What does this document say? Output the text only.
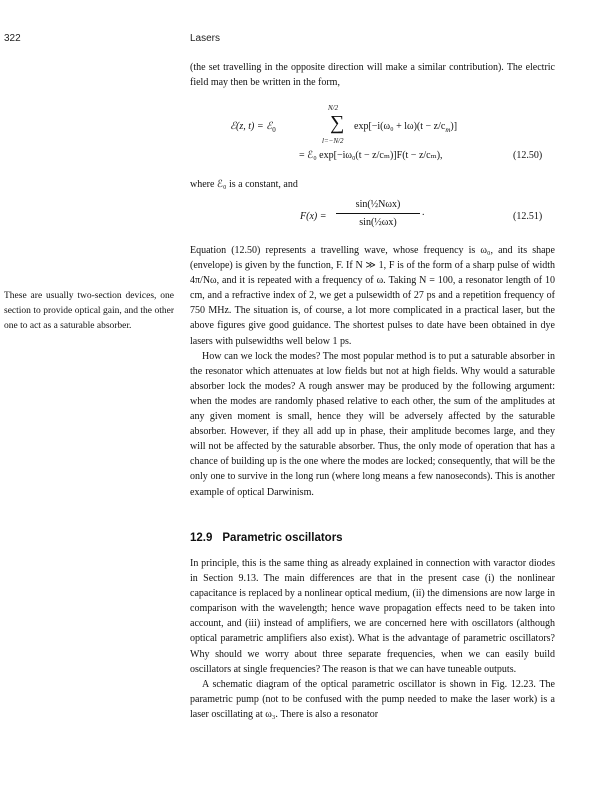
322	Lasers

(the set travelling in the opposite direction will make a similar contribution). The electric field may then be written in the form,

N/2
ℰ(z, t) = ℰ$_0$	∑ $\exp[-i(\omega_0 + l\omega)(t - z/c_m)]$
l=−N/2
= ℰ₀ exp[−iω₀(t − z/cₘ)]F(t − z/cₘ),	(12.50)

where ℰ₀ is a constant, and

F(x) =
sin(½Nωx)
sin(½ωx)
.	(12.51)

Equation (12.50) represents a travelling wave, whose frequency is ω₀, and its shape (envelope) is given by the function, F. If N ≫ 1, F is of the form of a sharp pulse of width 4π/Nω, and it is repeated with a frequency of ω. Taking N = 100, a resonator length of 10 cm, and a refractive index of 2, we get a pulsewidth of 27 ps and a repetition frequency of 750 MHz. The situation is, of course, a lot more complicated in a practical laser, but the above figures give good guidance. The shortest pulses to date have been obtained in dye lasers with pulsewidths well below 1 ps.

How can we lock the modes? The most popular method is to put a saturable absorber in the resonator which attenuates at low fields but not at high fields. Why would a saturable absorber lock the modes? A rough answer may be produced by the following argument: when the modes are randomly phased relative to each other, the sum of the amplitudes at any given moment is small, hence they will be adversely affected by the saturable absorber. However, if they all add up in phase, their amplitude becomes large, and they will not be affected by the saturable absorber. Thus, the only mode of operation that has a chance of building up is the one where the modes are locked; consequently, that will be the only one to survive in the long run (where long means a few nanoseconds). This is another example of optical Darwinism.

These are usually two-section devices, one section to provide optical gain, and the other one to act as a saturable absorber.
12.9 Parametric oscillators

In principle, this is the same thing as already explained in connection with varactor diodes in Section 9.13. The main differences are that in the present case (i) the nonlinear capacitance is replaced by a nonlinear optical medium, (ii) the dimensions are now large in comparison with the wavelength; hence wave propagation effects need to be taken into account, and (iii) instead of amplifiers, we are concerned here with oscillators (although optical parametric amplifiers also exist). What is the advantage of parametric oscillators? Why should we worry about three separate frequencies, when we can easily build oscillators at single frequencies? The reason is that we can have tuneable outputs.

A schematic diagram of the optical parametric oscillator is shown in Fig. 12.23. The parametric pump (not to be confused with the pump needed to make the laser work) is a laser oscillating at ω₃. There is also a resonator
